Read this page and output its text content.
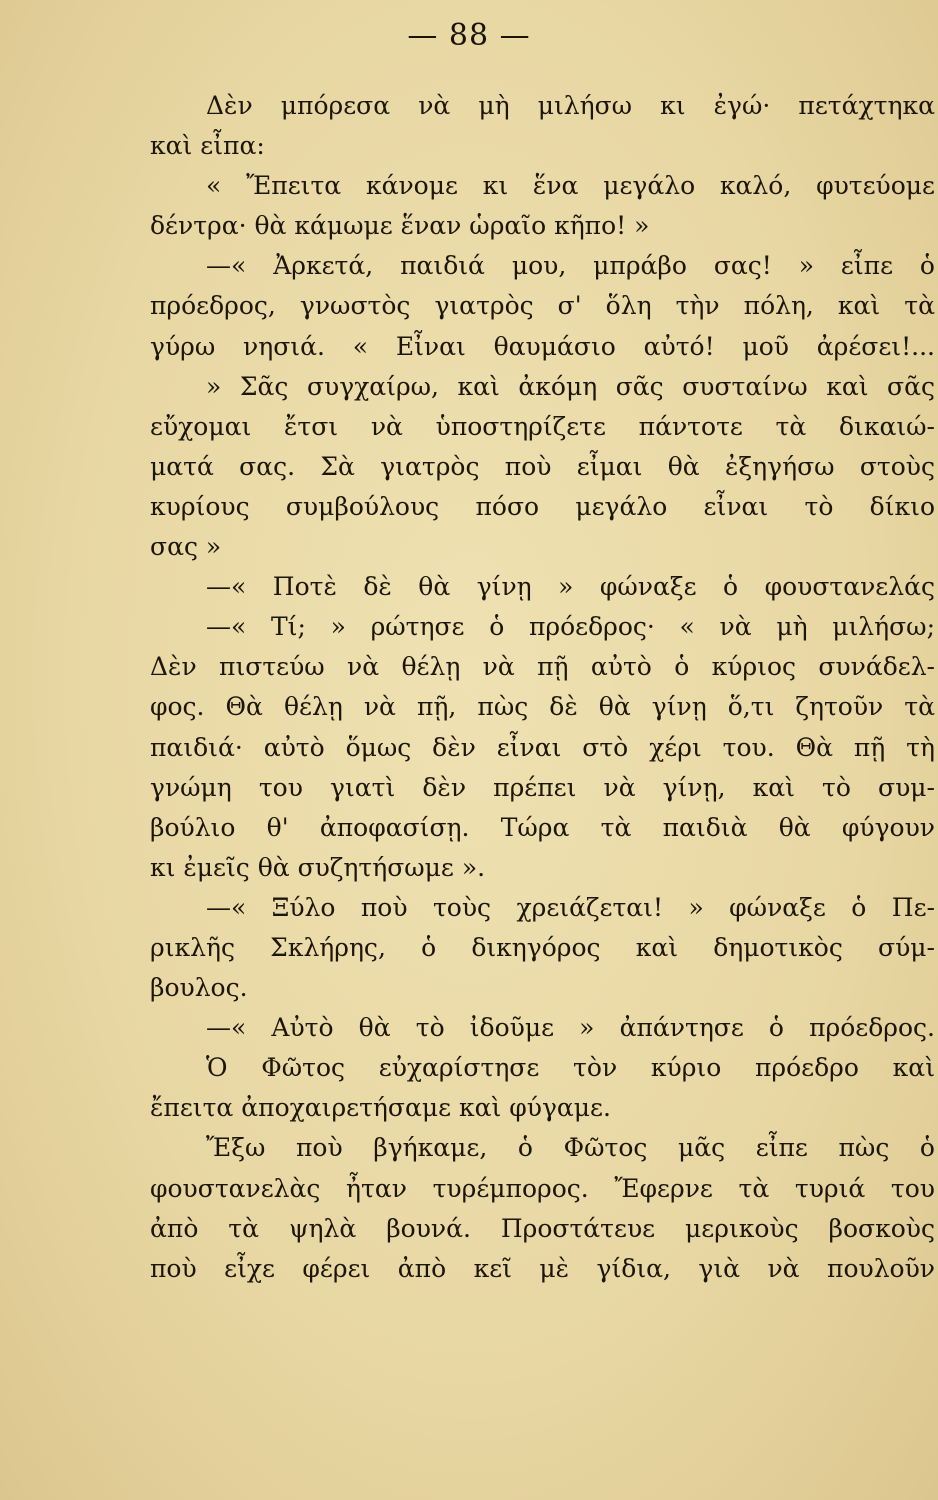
— 88 —
Δὲν μπόρεσα νὰ μὴ μιλήσω κι ἐγώ· πετάχτηκα
καὶ εἶπα:
« Ἔπειτα κάνομε κι ἕνα μεγάλο καλό, φυτεύομε
δέντρα· θὰ κάμωμε ἕναν ὡραῖο κῆπο! »
—« Ἀρκετά, παιδιά μου, μπράβο σας! » εἶπε ὁ
πρόεδρος, γνωστὸς γιατρὸς σ' ὅλη τὴν πόλη, καὶ τὰ
γύρω νησιά. « Εἶναι θαυμάσιο αὐτό! μοῦ ἀρέσει!...
» Σᾶς συγχαίρω, καὶ ἀκόμη σᾶς συσταίνω καὶ σᾶς
εὔχομαι ἔτσι νὰ ὑποστηρίζετε πάντοτε τὰ δικαιώ-
ματά σας. Σὰ γιατρὸς ποὺ εἶμαι θὰ ἐξηγήσω στοὺς
κυρίους συμβούλους πόσο μεγάλο εἶναι τὸ δίκιο
σας »
—« Ποτὲ δὲ θὰ γίνῃ » φώναξε ὁ φουστανελάς
—« Τί; » ρώτησε ὁ πρόεδρος· « νὰ μὴ μιλήσω;
Δὲν πιστεύω νὰ θέλῃ νὰ πῇ αὐτὸ ὁ κύριος συνάδελ-
φος. Θὰ θέλῃ νὰ πῇ, πὼς δὲ θὰ γίνῃ ὅ,τι ζητοῦν τὰ
παιδιά· αὐτὸ ὅμως δὲν εἶναι στὸ χέρι του. Θὰ πῇ τὴ
γνώμη του γιατὶ δὲν πρέπει νὰ γίνῃ, καὶ τὸ συμ-
βούλιο θ' ἀποφασίσῃ. Τώρα τὰ παιδιὰ θὰ φύγουν
κι ἐμεῖς θὰ συζητήσωμε ».
—« Ξύλο ποὺ τοὺς χρειάζεται! » φώναξε ὁ Πε-
ρικλῆς Σκλήρης, ὁ δικηγόρος καὶ δημοτικὸς σύμ-
βουλος.
—« Αὐτὸ θὰ τὸ ἰδοῦμε » ἀπάντησε ὁ πρόεδρος.
Ὁ Φῶτος εὐχαρίστησε τὸν κύριο πρόεδρο καὶ
ἔπειτα ἀποχαιρετήσαμε καὶ φύγαμε.
Ἔξω ποὺ βγήκαμε, ὁ Φῶτος μᾶς εἶπε πὼς ὁ
φουστανελὰς ἦταν τυρέμπορος. Ἔφερνε τὰ τυριά του
ἀπὸ τὰ ψηλὰ βουνά. Προστάτευε μερικοὺς βοσκοὺς
ποὺ εἶχε φέρει ἀπὸ κεῖ μὲ γίδια, γιὰ νὰ πουλοῦν
